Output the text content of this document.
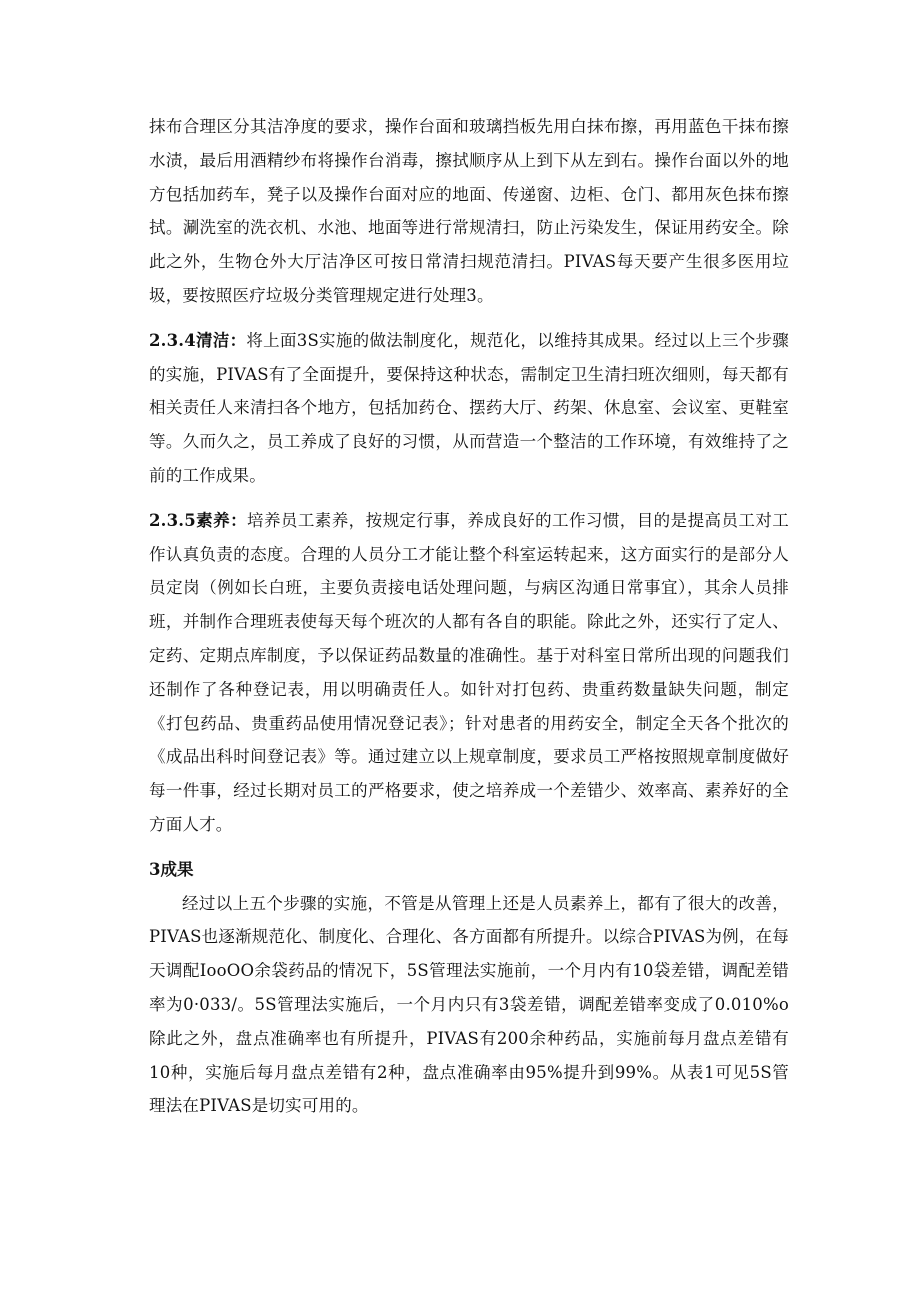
抹布合理区分其洁净度的要求，操作台面和玻璃挡板先用白抹布擦，再用蓝色干抹布擦水渍，最后用酒精纱布将操作台消毒，擦拭顺序从上到下从左到右。操作台面以外的地方包括加药车，凳子以及操作台面对应的地面、传递窗、边柜、仓门、都用灰色抹布擦拭。涮洗室的洗衣机、水池、地面等进行常规清扫，防止污染发生，保证用药安全。除此之外，生物仓外大厅洁净区可按日常清扫规范清扫。PIVAS每天要产生很多医用垃圾，要按照医疗垃圾分类管理规定进行处理3。

2.3.4清洁：将上面3S实施的做法制度化，规范化，以维持其成果。经过以上三个步骤的实施，PIVAS有了全面提升，要保持这种状态，需制定卫生清扫班次细则，每天都有相关责任人来清扫各个地方，包括加药仓、摆药大厅、药架、休息室、会议室、更鞋室等。久而久之，员工养成了良好的习惯，从而营造一个整洁的工作环境，有效维持了之前的工作成果。

2.3.5素养：培养员工素养，按规定行事，养成良好的工作习惯，目的是提高员工对工作认真负责的态度。合理的人员分工才能让整个科室运转起来，这方面实行的是部分人员定岗（例如长白班，主要负责接电话处理问题，与病区沟通日常事宜），其余人员排班，并制作合理班表使每天每个班次的人都有各自的职能。除此之外，还实行了定人、定药、定期点库制度，予以保证药品数量的准确性。基于对科室日常所出现的问题我们还制作了各种登记表，用以明确责任人。如针对打包药、贵重药数量缺失问题，制定《打包药品、贵重药品使用情况登记表》；针对患者的用药安全，制定全天各个批次的《成品出科时间登记表》等。通过建立以上规章制度，要求员工严格按照规章制度做好每一件事，经过长期对员工的严格要求，使之培养成一个差错少、效率高、素养好的全方面人才。

3成果

经过以上五个步骤的实施，不管是从管理上还是人员素养上，都有了很大的改善，PIVAS也逐渐规范化、制度化、合理化、各方面都有所提升。以综合PIVAS为例，在每天调配IooOO余袋药品的情况下，5S管理法实施前，一个月内有10袋差错，调配差错率为0·033/。5S管理法实施后，一个月内只有3袋差错，调配差错率变成了0.010%o除此之外，盘点准确率也有所提升，PIVAS有200余种药品，实施前每月盘点差错有10种，实施后每月盘点差错有2种，盘点准确率由95%提升到99%。从表1可见5S管理法在PIVAS是切实可用的。
